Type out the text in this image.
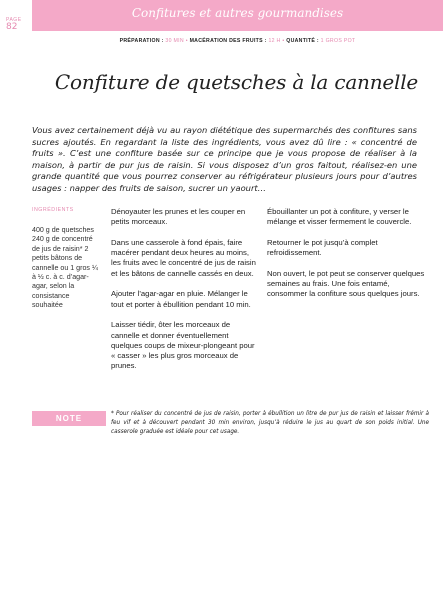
Confitures et autres gourmandises
PAGE
82
PRÉPARATION : 30 MIN • MACÉRATION DES FRUITS : 12 H • QUANTITÉ : 1 GROS POT
Confiture de quetsches à la cannelle

Vous avez certainement déjà vu au rayon diététique des supermarchés des confitures sans sucres ajoutés. En regardant la liste des ingrédients, vous avez dû lire : « concentré de fruits ». C’est une confiture basée sur ce principe que je vous propose de réaliser à la maison, à partir de pur jus de raisin. Si vous disposez d’un gros faitout, réalisez-en une grande quantité que vous pourrez conserver au réfrigérateur plusieurs jours pour d’autres usages : napper des fruits de saison, sucrer un yaourt…

INGRÉDIENTS

400 g de quetsches 240 g de concentré de jus de raisin* 2 petits bâtons de cannelle ou 1 gros ¼ à ½ c. à c. d’agar-agar, selon la consistance souhaitée

Dénoyauter les prunes et les couper en petits morceaux.

Dans une casserole à fond épais, faire macérer pendant deux heures au moins, les fruits avec le concentré de jus de raisin et les bâtons de cannelle cassés en deux.

Ajouter l’agar-agar en pluie. Mélanger le tout et porter à ébullition pendant 10 min.

Laisser tiédir, ôter les morceaux de cannelle et donner éventuellement quelques coups de mixeur-plongeant pour « casser » les plus gros morceaux de prunes.

Ébouillanter un pot à confiture, y verser le mélange et visser fermement le couvercle.

Retourner le pot jusqu’à complet refroidissement.

Non ouvert, le pot peut se conserver quelques semaines au frais. Une fois entamé, consommer la confiture sous quelques jours.

NOTE	* Pour réaliser du concentré de jus de raisin, porter à ébullition un litre de pur jus de raisin et laisser frémir à feu vif et à découvert pendant 30 min environ, jusqu’à réduire le jus au quart de son poids initial. Une casserole graduée est idéale pour cet usage.
